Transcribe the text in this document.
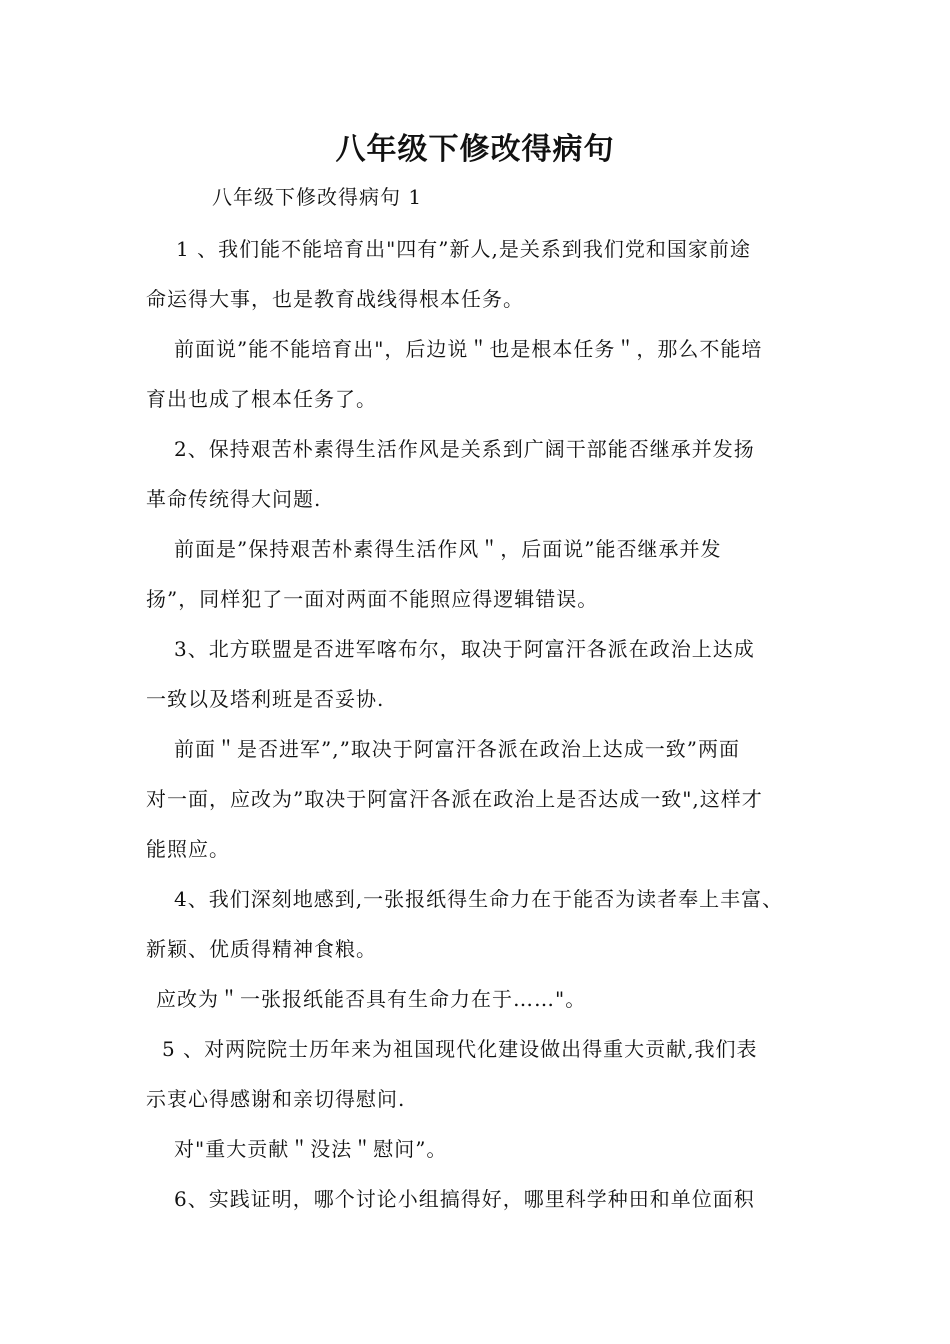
八年级下修改得病句
八年级下修改得病句 1
1 、我们能不能培育出"四有”新人,是关系到我们党和国家前途
命运得大事，也是教育战线得根本任务。
前面说”能不能培育出"，后边说＂也是根本任务＂，那么不能培
育出也成了根本任务了。
2、保持艰苦朴素得生活作风是关系到广阔干部能否继承并发扬
革命传统得大问题.
前面是”保持艰苦朴素得生活作风＂，后面说”能否继承并发
扬”，同样犯了一面对两面不能照应得逻辑错误。
3、北方联盟是否进军喀布尔，取决于阿富汗各派在政治上达成
一致以及塔利班是否妥协.
前面＂是否进军”,”取决于阿富汗各派在政治上达成一致”两面
对一面，应改为”取决于阿富汗各派在政治上是否达成一致",这样才
能照应。
4、我们深刻地感到,一张报纸得生命力在于能否为读者奉上丰富、
新颖、优质得精神食粮。
应改为＂一张报纸能否具有生命力在于……"。
5 、对两院院士历年来为祖国现代化建设做出得重大贡献,我们表
示衷心得感谢和亲切得慰问.
对"重大贡献＂没法＂慰问”。
6、实践证明，哪个讨论小组搞得好，哪里科学种田和单位面积
